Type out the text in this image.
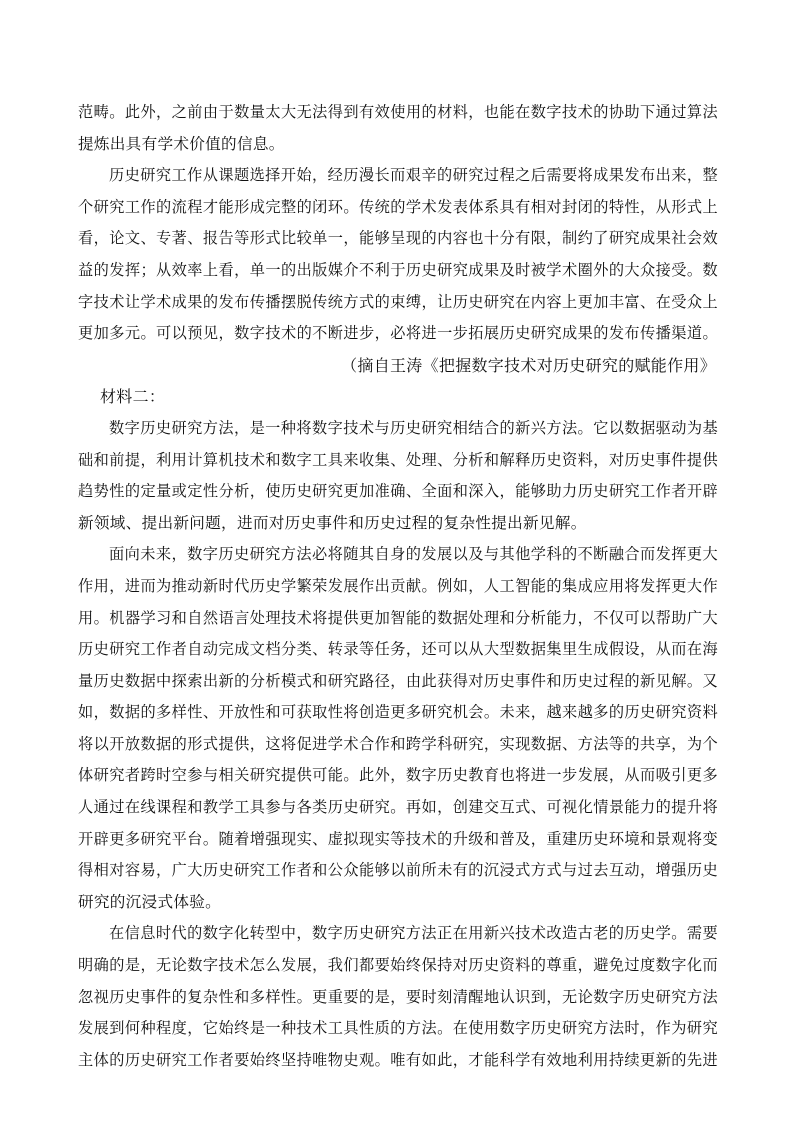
范畴。此外，之前由于数量太大无法得到有效使用的材料，也能在数字技术的协助下通过算法
提炼出具有学术价值的信息。
历史研究工作从课题选择开始，经历漫长而艰辛的研究过程之后需要将成果发布出来，整
个研究工作的流程才能形成完整的闭环。传统的学术发表体系具有相对封闭的特性，从形式上
看，论文、专著、报告等形式比较单一，能够呈现的内容也十分有限，制约了研究成果社会效
益的发挥；从效率上看，单一的出版媒介不利于历史研究成果及时被学术圈外的大众接受。数
字技术让学术成果的发布传播摆脱传统方式的束缚，让历史研究在内容上更加丰富、在受众上
更加多元。可以预见，数字技术的不断进步，必将进一步拓展历史研究成果的发布传播渠道。
（摘自王涛《把握数字技术对历史研究的赋能作用》
材料二：
数字历史研究方法，是一种将数字技术与历史研究相结合的新兴方法。它以数据驱动为基
础和前提，利用计算机技术和数字工具来收集、处理、分析和解释历史资料，对历史事件提供
趋势性的定量或定性分析，使历史研究更加准确、全面和深入，能够助力历史研究工作者开辟
新领域、提出新问题，进而对历史事件和历史过程的复杂性提出新见解。
面向未来，数字历史研究方法必将随其自身的发展以及与其他学科的不断融合而发挥更大
作用，进而为推动新时代历史学繁荣发展作出贡献。例如，人工智能的集成应用将发挥更大作
用。机器学习和自然语言处理技术将提供更加智能的数据处理和分析能力，不仅可以帮助广大
历史研究工作者自动完成文档分类、转录等任务，还可以从大型数据集里生成假设，从而在海
量历史数据中探索出新的分析模式和研究路径，由此获得对历史事件和历史过程的新见解。又
如，数据的多样性、开放性和可获取性将创造更多研究机会。未来，越来越多的历史研究资料
将以开放数据的形式提供，这将促进学术合作和跨学科研究，实现数据、方法等的共享，为个
体研究者跨时空参与相关研究提供可能。此外，数字历史教育也将进一步发展，从而吸引更多
人通过在线课程和教学工具参与各类历史研究。再如，创建交互式、可视化情景能力的提升将
开辟更多研究平台。随着增强现实、虚拟现实等技术的升级和普及，重建历史环境和景观将变
得相对容易，广大历史研究工作者和公众能够以前所未有的沉浸式方式与过去互动，增强历史
研究的沉浸式体验。
在信息时代的数字化转型中，数字历史研究方法正在用新兴技术改造古老的历史学。需要
明确的是，无论数字技术怎么发展，我们都要始终保持对历史资料的尊重，避免过度数字化而
忽视历史事件的复杂性和多样性。更重要的是，要时刻清醒地认识到，无论数字历史研究方法
发展到何种程度，它始终是一种技术工具性质的方法。在使用数字历史研究方法时，作为研究
主体的历史研究工作者要始终坚持唯物史观。唯有如此，才能科学有效地利用持续更新的先进
